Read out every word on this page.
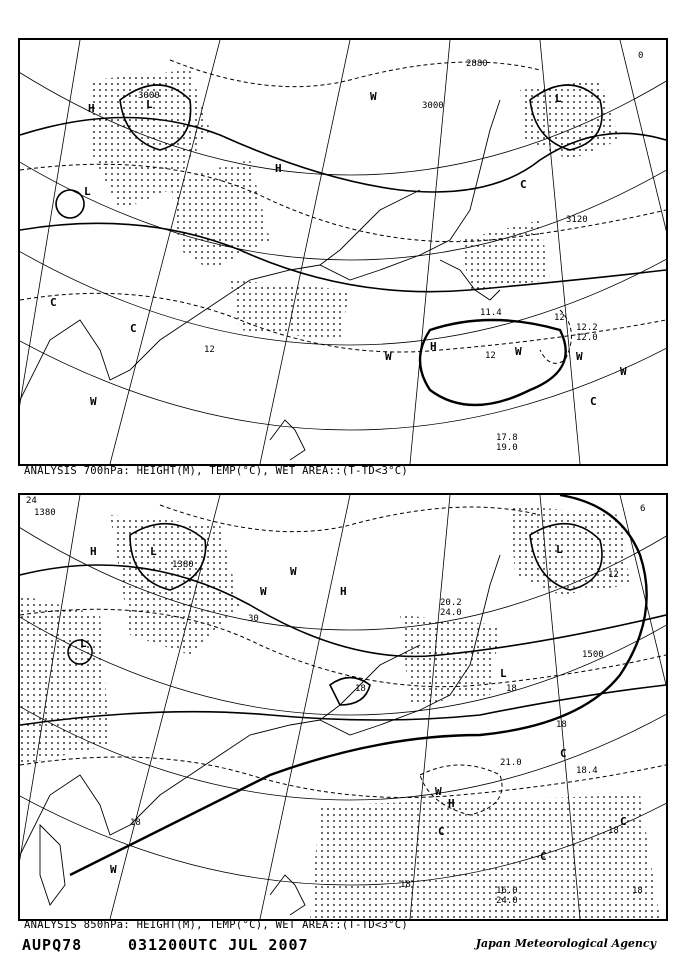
H	L
L
L
H
W
C
C
W
W
H	W
C
C
W
W
3000
2880
3000
3120
12
12
12
0
11.4
12.2
12.0
17.8
19.0
ANALYSIS 700hPa: HEIGHT(M), TEMP(°C), WET AREA::(T-TD<3°C)
H	L
L
L
H
W
C
C
W
H
C
C
W
W
L
1380
1380
1500
24
18	18
18
12
6
18
18
18
18
30
20.2
24.0
21.0
18.4
16.0
24.0
ANALYSIS 850hPa: HEIGHT(M), TEMP(°C), WET AREA::(T-TD<3°C)
AUPQ78	031200UTC JUL 2007	Japan Meteorological Agency
